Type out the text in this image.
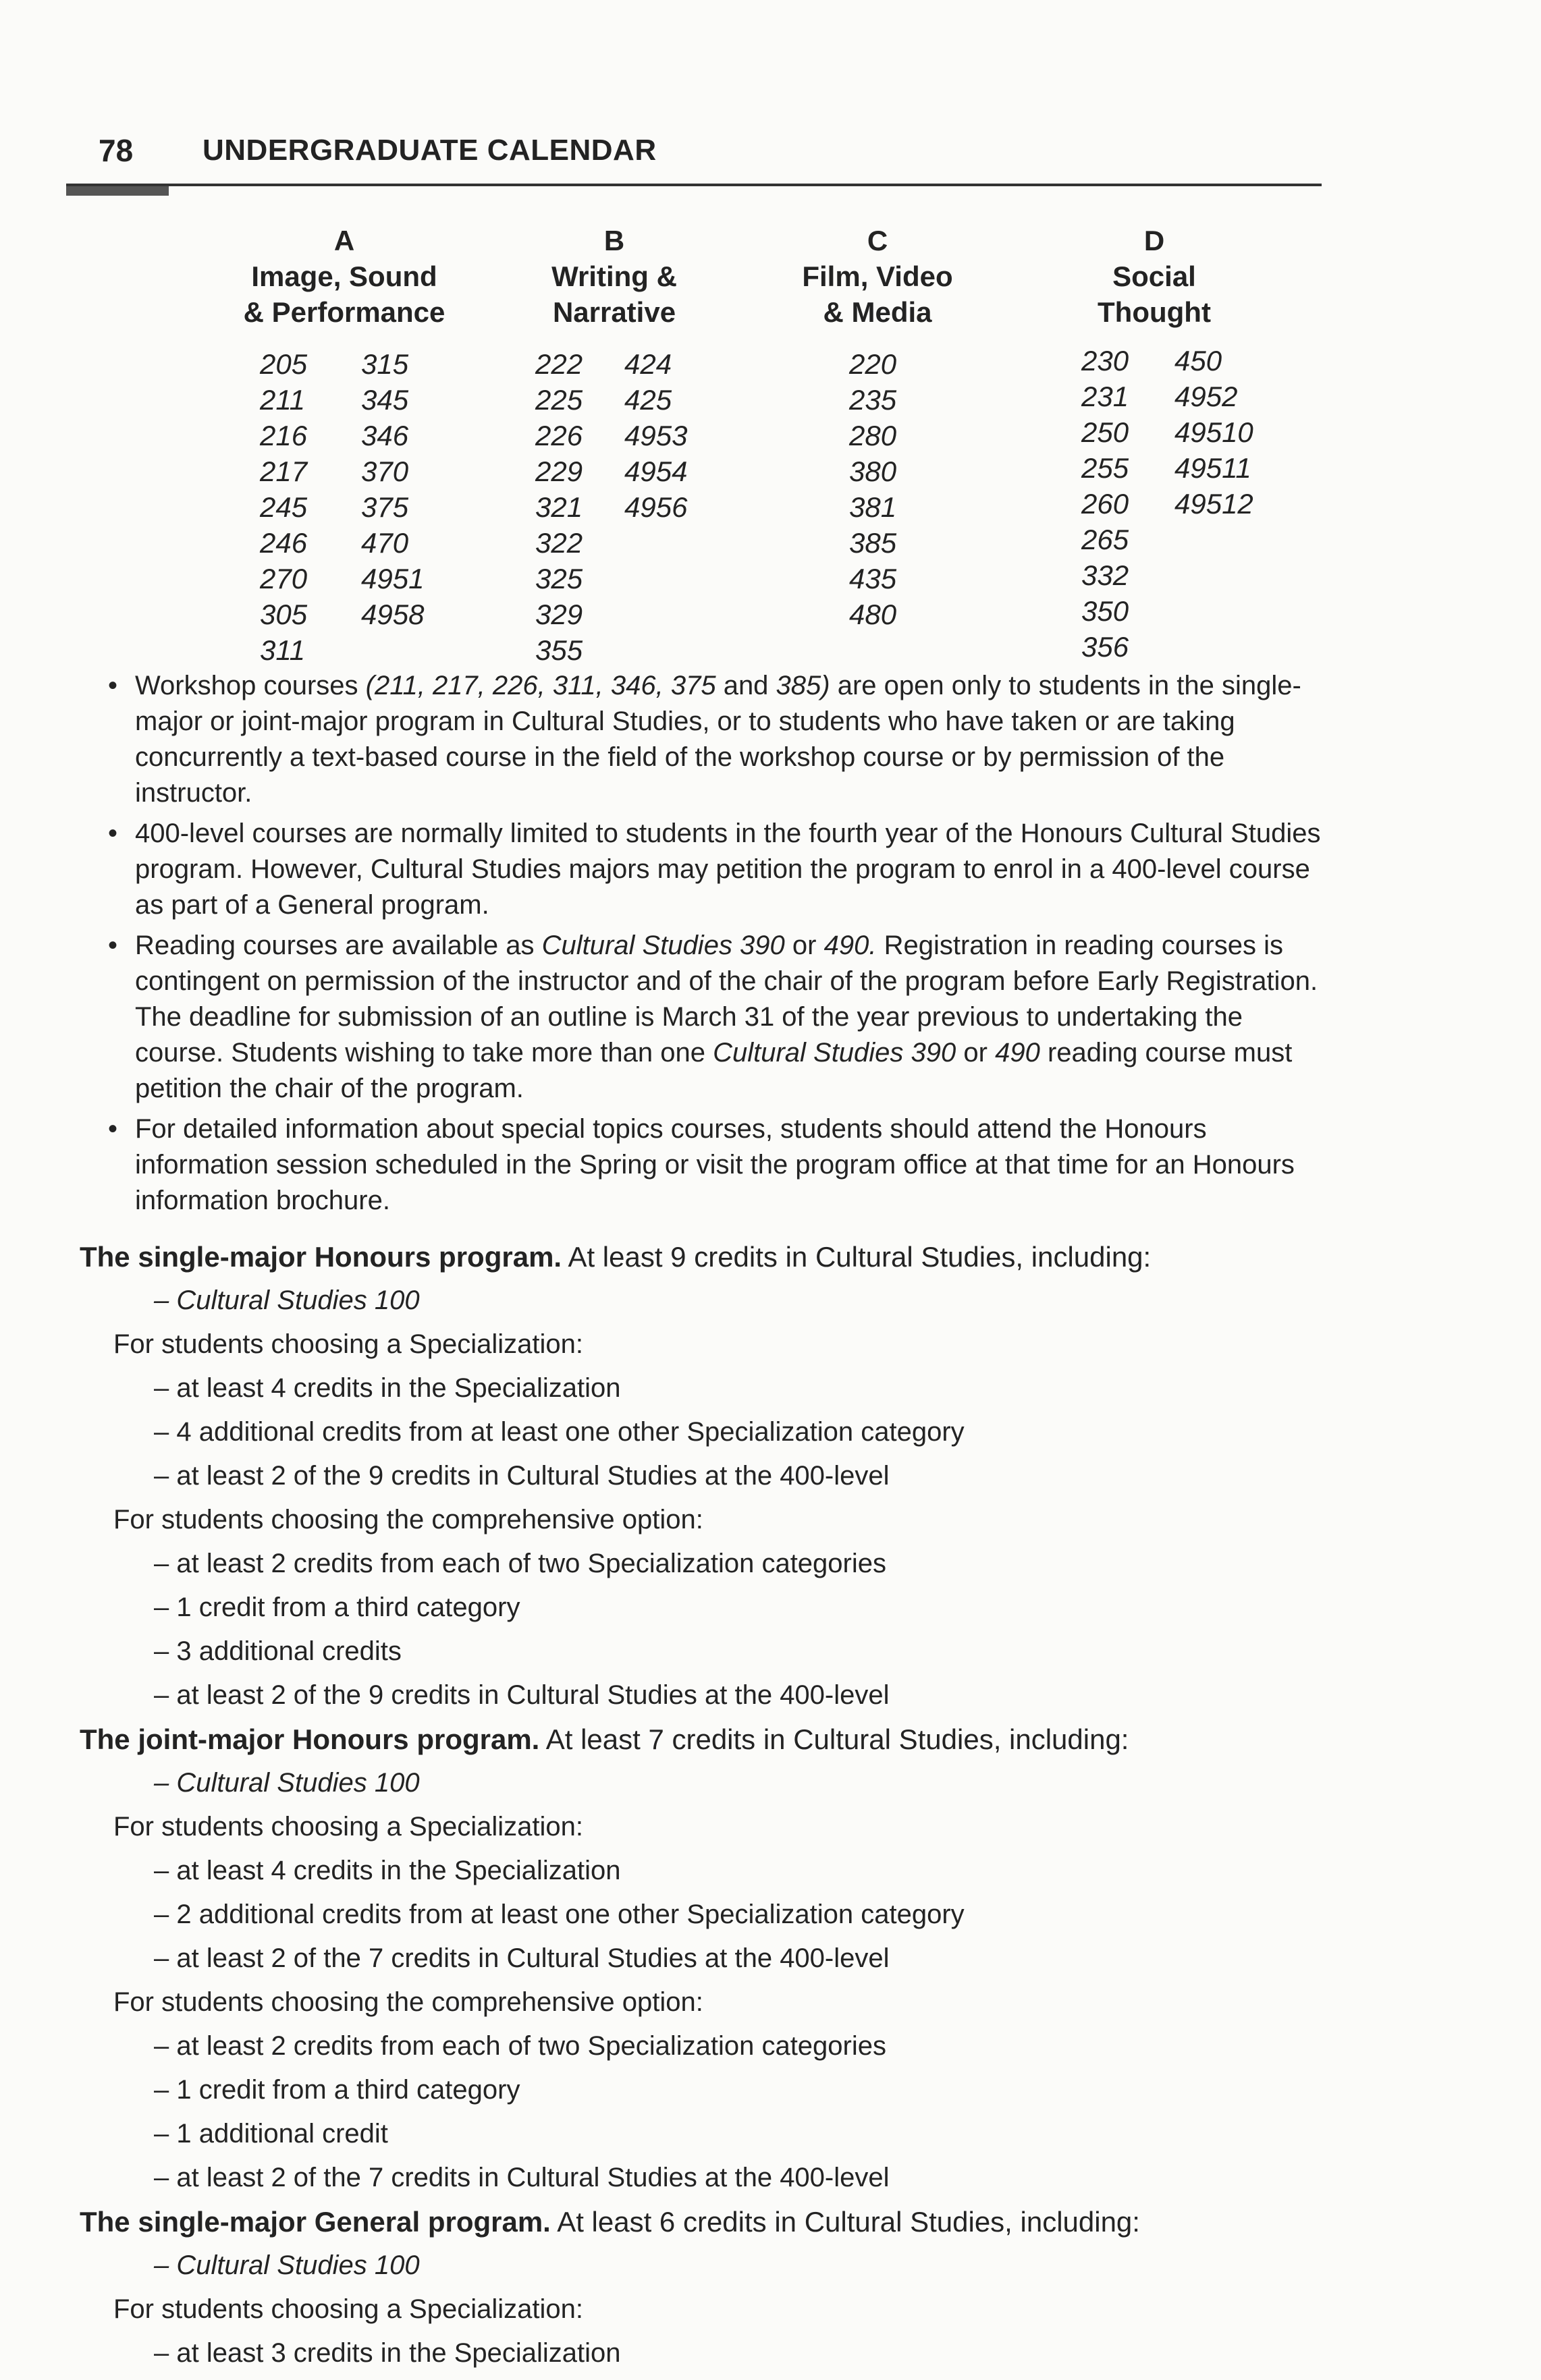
78 UNDERGRADUATE CALENDAR
A
Image, Sound
& Performance
205
211
216
217
245
246
270
305
311
315
345
346
370
375
470
4951
4958
B
Writing &
Narrative
222
225
226
229
321
322
325
329
355
424
425
4953
4954
4956
C
Film, Video
& Media
220
235
280
380
381
385
435
480
D
Social
Thought
230
231
250
255
260
265
332
350
356
450
4952
49510
49511
49512
• Workshop courses (211, 217, 226, 311, 346, 375 and 385) are open only to students in the single-major or joint-major program in Cultural Studies, or to students who have taken or are taking concurrently a text-based course in the field of the workshop course or by permission of the instructor.
• 400-level courses are normally limited to students in the fourth year of the Honours Cultural Studies program. However, Cultural Studies majors may petition the program to enrol in a 400-level course as part of a General program.
• Reading courses are available as Cultural Studies 390 or 490. Registration in reading courses is contingent on permission of the instructor and of the chair of the program before Early Registration. The deadline for submission of an outline is March 31 of the year previous to undertaking the course. Students wishing to take more than one Cultural Studies 390 or 490 reading course must petition the chair of the program.
• For detailed information about special topics courses, students should attend the Honours information session scheduled in the Spring or visit the program office at that time for an Honours information brochure.
The single-major Honours program. At least 9 credits in Cultural Studies, including:
– Cultural Studies 100
For students choosing a Specialization:
– at least 4 credits in the Specialization
– 4 additional credits from at least one other Specialization category
– at least 2 of the 9 credits in Cultural Studies at the 400-level
For students choosing the comprehensive option:
– at least 2 credits from each of two Specialization categories
– 1 credit from a third category
– 3 additional credits
– at least 2 of the 9 credits in Cultural Studies at the 400-level
The joint-major Honours program. At least 7 credits in Cultural Studies, including:
– Cultural Studies 100
For students choosing a Specialization:
– at least 4 credits in the Specialization
– 2 additional credits from at least one other Specialization category
– at least 2 of the 7 credits in Cultural Studies at the 400-level
For students choosing the comprehensive option:
– at least 2 credits from each of two Specialization categories
– 1 credit from a third category
– 1 additional credit
– at least 2 of the 7 credits in Cultural Studies at the 400-level
The single-major General program. At least 6 credits in Cultural Studies, including:
– Cultural Studies 100
For students choosing a Specialization:
– at least 3 credits in the Specialization
